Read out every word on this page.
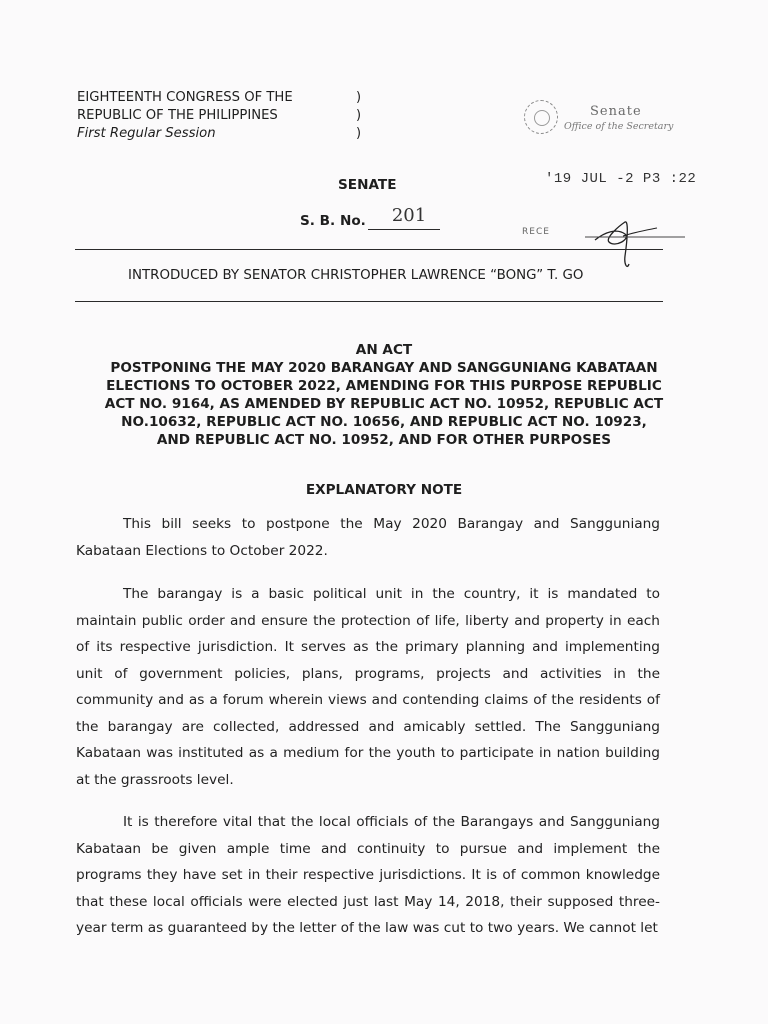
EIGHTEENTH CONGRESS OF THE
REPUBLIC OF THE PHILIPPINES
First Regular Session
)
)
)
Senate
Office of the Secretary
'19 JUL -2 P3 :22
RECE
SENATE
S. B. No.	201
INTRODUCED BY SENATOR CHRISTOPHER LAWRENCE “BONG” T. GO
AN ACT
POSTPONING THE MAY 2020 BARANGAY AND SANGGUNIANG KABATAAN
ELECTIONS TO OCTOBER 2022, AMENDING FOR THIS PURPOSE REPUBLIC
ACT NO. 9164, AS AMENDED BY REPUBLIC ACT NO. 10952, REPUBLIC ACT
NO.10632, REPUBLIC ACT NO. 10656, AND REPUBLIC ACT NO. 10923,
AND REPUBLIC ACT NO. 10952, AND FOR OTHER PURPOSES
EXPLANATORY NOTE

This bill seeks to postpone the May 2020 Barangay and Sangguniang Kabataan Elections to October 2022.

The barangay is a basic political unit in the country, it is mandated to maintain public order and ensure the protection of life, liberty and property in each of its respective jurisdiction. It serves as the primary planning and implementing unit of government policies, plans, programs, projects and activities in the community and as a forum wherein views and contending claims of the residents of the barangay are collected, addressed and amicably settled. The Sangguniang Kabataan was instituted as a medium for the youth to participate in nation building at the grassroots level.

It is therefore vital that the local officials of the Barangays and Sangguniang Kabataan be given ample time and continuity to pursue and implement the programs they have set in their respective jurisdictions. It is of common knowledge that these local officials were elected just last May 14, 2018, their supposed three-year term as guaranteed by the letter of the law was cut to two years. We cannot let
